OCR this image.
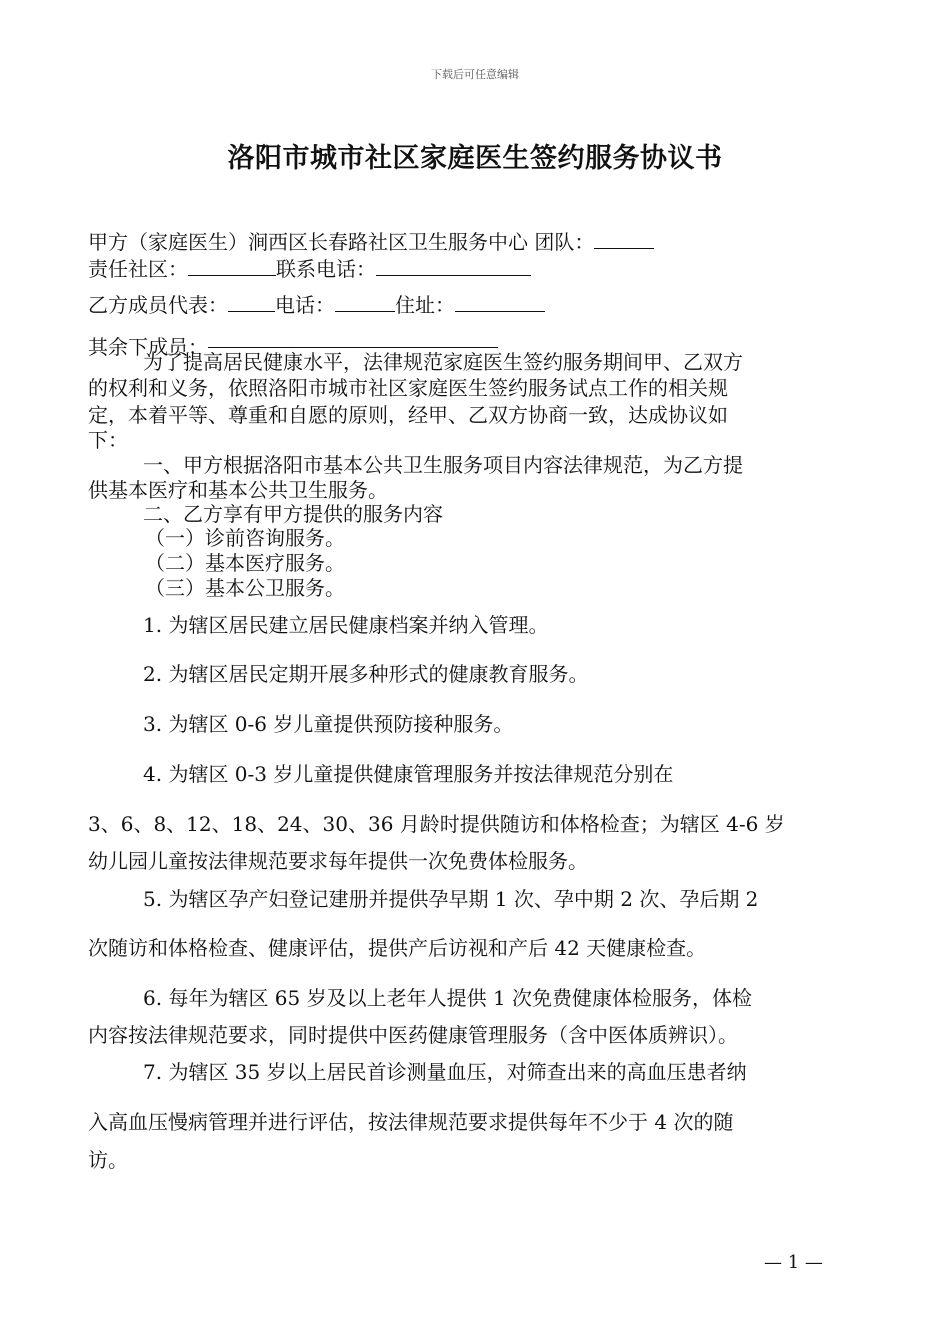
下载后可任意编辑
洛阳市城市社区家庭医生签约服务协议书
甲方（家庭医生）涧西区长春路社区卫生服务中心 团队：
责任社区：	联系电话：
乙方成员代表： 电话：	住址：
其余下成员：
为了提高居民健康水平，法律规范家庭医生签约服务期间甲、乙双方
的权利和义务，依照洛阳市城市社区家庭医生签约服务试点工作的相关规
定，本着平等、尊重和自愿的原则，经甲、乙双方协商一致，达成协议如
下：
一、甲方根据洛阳市基本公共卫生服务项目内容法律规范，为乙方提
供基本医疗和基本公共卫生服务。
二、乙方享有甲方提供的服务内容
（一）诊前咨询服务。
（二）基本医疗服务。
（三）基本公卫服务。
1. 为辖区居民建立居民健康档案并纳入管理。
2. 为辖区居民定期开展多种形式的健康教育服务。
3. 为辖区 0-6 岁儿童提供预防接种服务。
4. 为辖区 0-3 岁儿童提供健康管理服务并按法律规范分别在
3、6、8、12、18、24、30、36 月龄时提供随访和体格检查；为辖区 4-6 岁
幼儿园儿童按法律规范要求每年提供一次免费体检服务。
5. 为辖区孕产妇登记建册并提供孕早期 1 次、孕中期 2 次、孕后期 2
次随访和体格检查、健康评估，提供产后访视和产后 42 天健康检查。
6. 每年为辖区 65 岁及以上老年人提供 1 次免费健康体检服务，体检
内容按法律规范要求，同时提供中医药健康管理服务（含中医体质辨识）。
7. 为辖区 35 岁以上居民首诊测量血压，对筛查出来的高血压患者纳
入高血压慢病管理并进行评估，按法律规范要求提供每年不少于 4 次的随
访。
— 1 —
